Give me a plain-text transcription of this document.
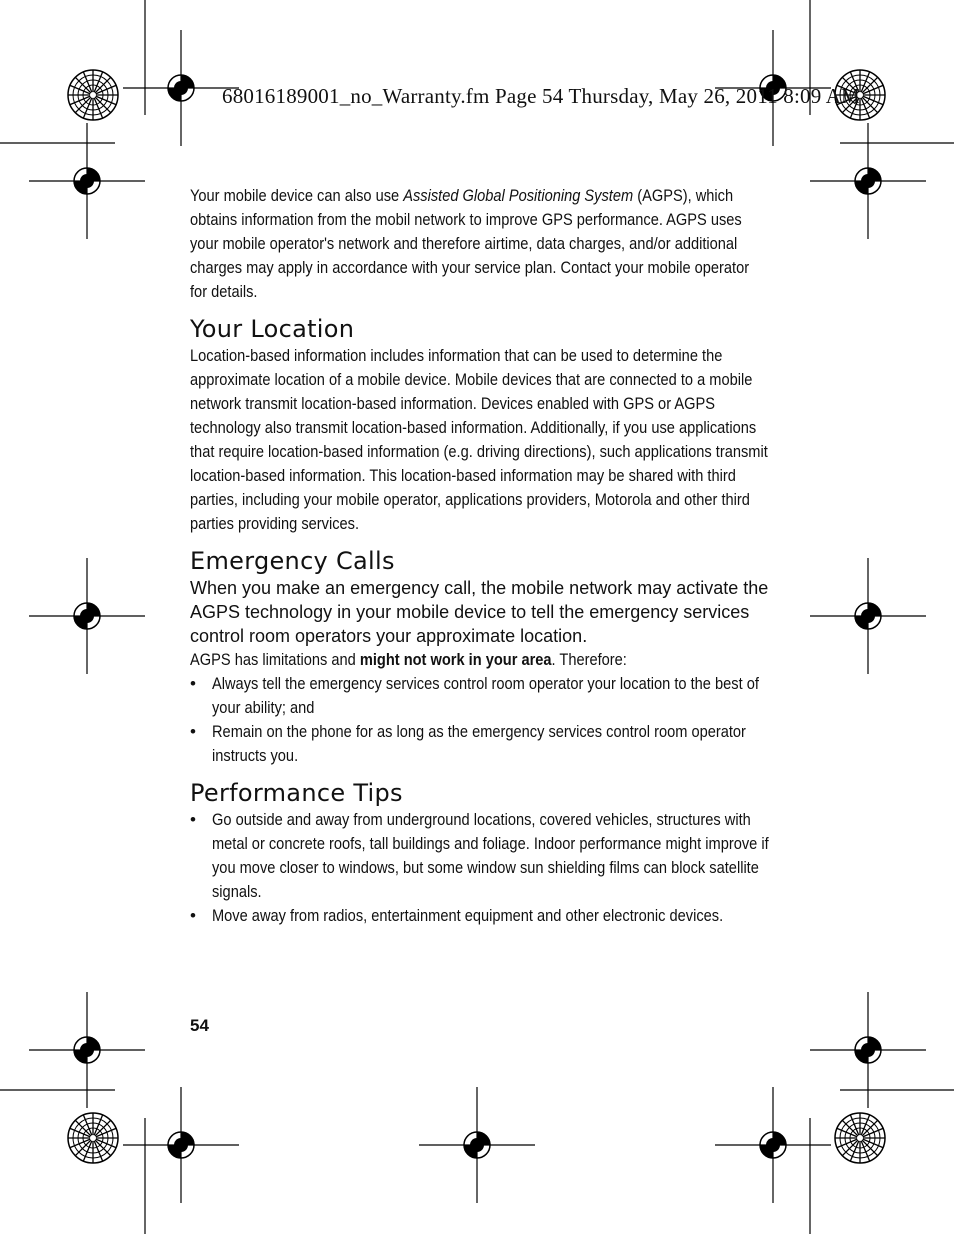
68016189001_no_Warranty.fm Page 54 Thursday, May 26, 2011 8:09 AM

Your mobile device can also use Assisted Global Positioning System (AGPS), which obtains information from the mobil network to improve GPS performance. AGPS uses your mobile operator's network and therefore airtime, data charges, and/or additional charges may apply in accordance with your service plan. Contact your mobile operator for details.

Your Location

Location-based information includes information that can be used to determine the approximate location of a mobile device. Mobile devices that are connected to a mobile network transmit location-based information. Devices enabled with GPS or AGPS technology also transmit location-based information. Additionally, if you use applications that require location-based information (e.g. driving directions), such applications transmit location-based information. This location-based information may be shared with third parties, including your mobile operator, applications providers, Motorola and other third parties providing services.

Emergency Calls
When you make an emergency call, the mobile network may activate the AGPS technology in your mobile device to tell the emergency services control room operators your approximate location.

AGPS has limitations and might not work in your area. Therefore:

• Always tell the emergency services control room operator your location to the best of your ability; and
• Remain on the phone for as long as the emergency services control room operator instructs you.
Performance Tips
• Go outside and away from underground locations, covered vehicles, structures with metal or concrete roofs, tall buildings and foliage. Indoor performance might improve if you move closer to windows, but some window sun shielding films can block satellite signals.
• Move away from radios, entertainment equipment and other electronic devices.
54
